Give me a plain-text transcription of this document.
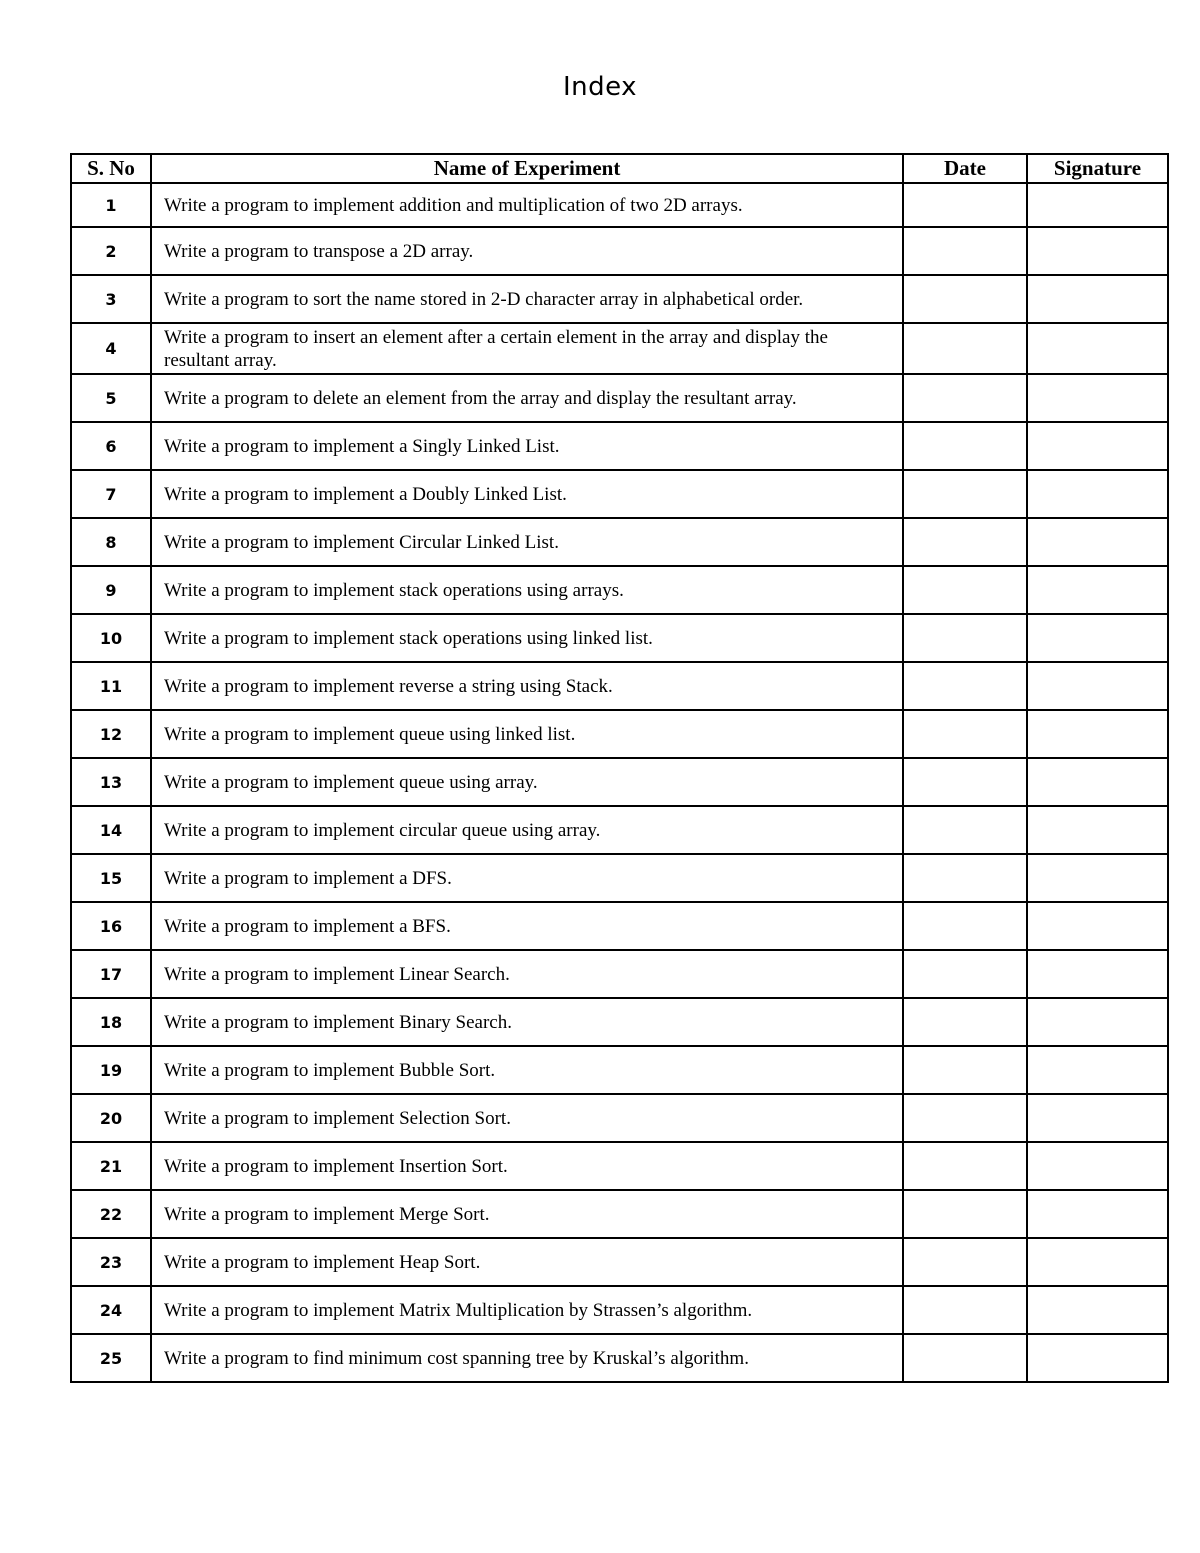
Index
S. No	Name of Experiment	Date	Signature
1	Write a program to implement addition and multiplication of two 2D arrays.		
2	Write a program to transpose a 2D array.		
3	Write a program to sort the name stored in 2-D character array in alphabetical order.		
4	Write a program to insert an element after a certain element in the array and display the resultant array.		
5	Write a program to delete an element from the array and display the resultant array.		
6	Write a program to implement a Singly Linked List.		
7	Write a program to implement a Doubly Linked List.		
8	Write a program to implement Circular Linked List.		
9	Write a program to implement stack operations using arrays.		
10	Write a program to implement stack operations using linked list.		
11	Write a program to implement reverse a string using Stack.		
12	Write a program to implement queue using linked list.		
13	Write a program to implement queue using array.		
14	Write a program to implement circular queue using array.		
15	Write a program to implement a DFS.		
16	Write a program to implement a BFS.		
17	Write a program to implement Linear Search.		
18	Write a program to implement Binary Search.		
19	Write a program to implement Bubble Sort.		
20	Write a program to implement Selection Sort.		
21	Write a program to implement Insertion Sort.		
22	Write a program to implement Merge Sort.		
23	Write a program to implement Heap Sort.		
24	Write a program to implement Matrix Multiplication by Strassen’s algorithm.		
25	Write a program to find minimum cost spanning tree by Kruskal’s algorithm.		
